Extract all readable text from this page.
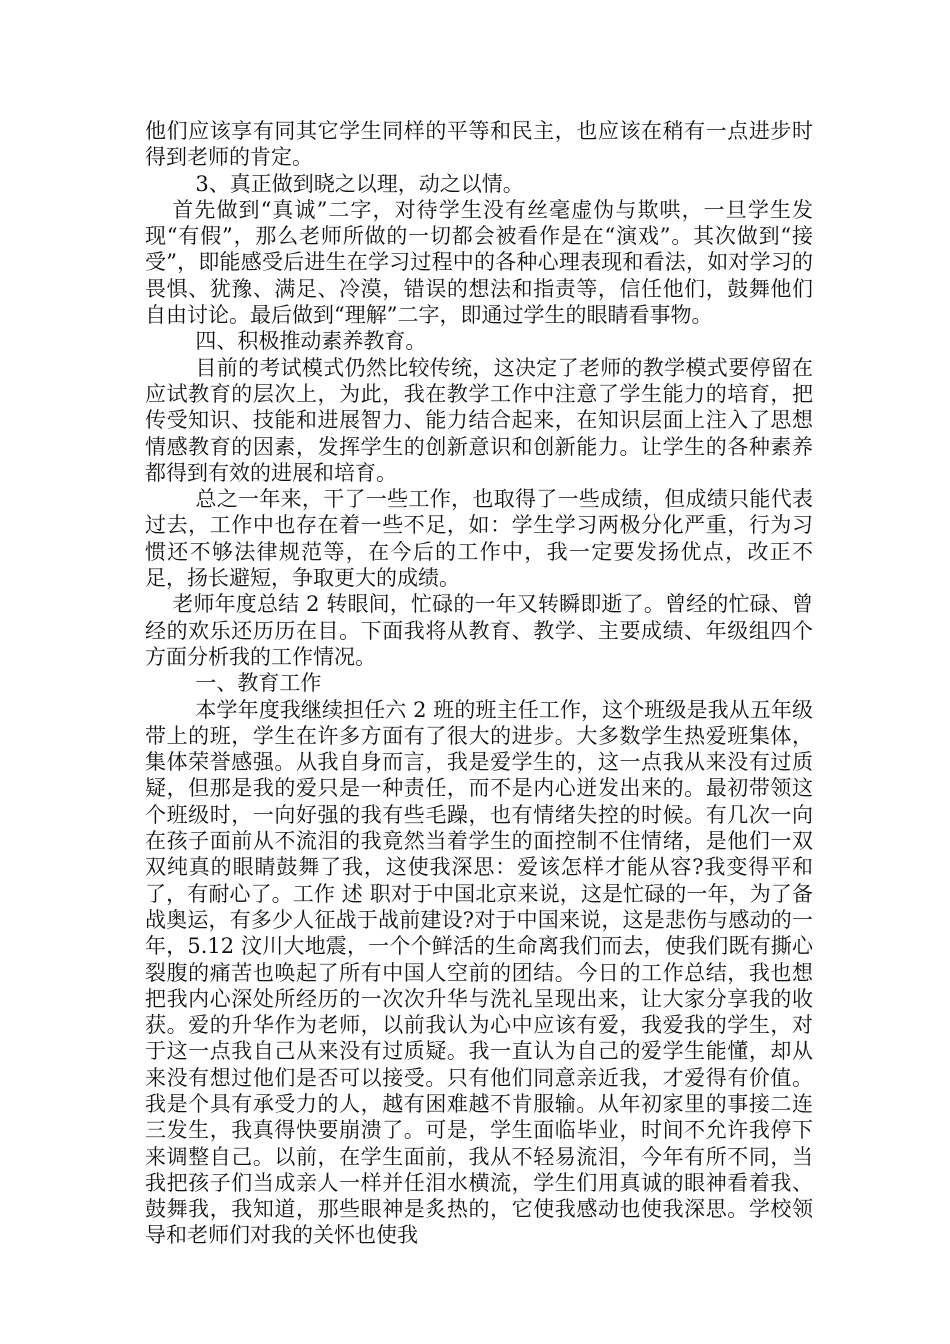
他们应该享有同其它学生同样的平等和民主，也应该在稍有一点进步时得到老师的肯定。

3、真正做到晓之以理，动之以情。

首先做到“真诚”二字，对待学生没有丝毫虚伪与欺哄，一旦学生发现“有假”，那么老师所做的一切都会被看作是在“演戏”。其次做到“接受”，即能感受后进生在学习过程中的各种心理表现和看法，如对学习的畏惧、犹豫、满足、冷漠，错误的想法和指责等，信任他们，鼓舞他们自由讨论。最后做到“理解”二字，即通过学生的眼睛看事物。

四、积极推动素养教育。

目前的考试模式仍然比较传统，这决定了老师的教学模式要停留在应试教育的层次上，为此，我在教学工作中注意了学生能力的培育，把传受知识、技能和进展智力、能力结合起来，在知识层面上注入了思想情感教育的因素，发挥学生的创新意识和创新能力。让学生的各种素养都得到有效的进展和培育。

总之一年来，干了一些工作，也取得了一些成绩，但成绩只能代表过去，工作中也存在着一些不足，如：学生学习两极分化严重，行为习惯还不够法律规范等，在今后的工作中，我一定要发扬优点，改正不足，扬长避短，争取更大的成绩。

老师年度总结 2 转眼间，忙碌的一年又转瞬即逝了。曾经的忙碌、曾经的欢乐还历历在目。下面我将从教育、教学、主要成绩、年级组四个方面分析我的工作情况。

一、教育工作

本学年度我继续担任六 2 班的班主任工作，这个班级是我从五年级带上的班，学生在许多方面有了很大的进步。大多数学生热爱班集体，集体荣誉感强。从我自身而言，我是爱学生的，这一点我从来没有过质疑，但那是我的爱只是一种责任，而不是内心迸发出来的。最初带领这个班级时，一向好强的我有些毛躁，也有情绪失控的时候。有几次一向在孩子面前从不流泪的我竟然当着学生的面控制不住情绪，是他们一双双纯真的眼睛鼓舞了我，这使我深思：爱该怎样才能从容?我变得平和了，有耐心了。工作 述 职对于中国北京来说，这是忙碌的一年，为了备战奥运，有多少人征战于战前建设?对于中国来说，这是悲伤与感动的一年，5.12 汶川大地震，一个个鲜活的生命离我们而去，使我们既有撕心裂腹的痛苦也唤起了所有中国人空前的团结。今日的工作总结，我也想把我内心深处所经历的一次次升华与洗礼呈现出来，让大家分享我的收获。爱的升华作为老师，以前我认为心中应该有爱，我爱我的学生，对于这一点我自己从来没有过质疑。我一直认为自己的爱学生能懂，却从来没有想过他们是否可以接受。只有他们同意亲近我，才爱得有价值。我是个具有承受力的人，越有困难越不肯服输。从年初家里的事接二连三发生，我真得快要崩溃了。可是，学生面临毕业，时间不允许我停下来调整自己。以前，在学生面前，我从不轻易流泪，今年有所不同，当我把孩子们当成亲人一样并任泪水横流，学生们用真诚的眼神看着我、鼓舞我，我知道，那些眼神是炙热的，它使我感动也使我深思。学校领导和老师们对我的关怀也使我
